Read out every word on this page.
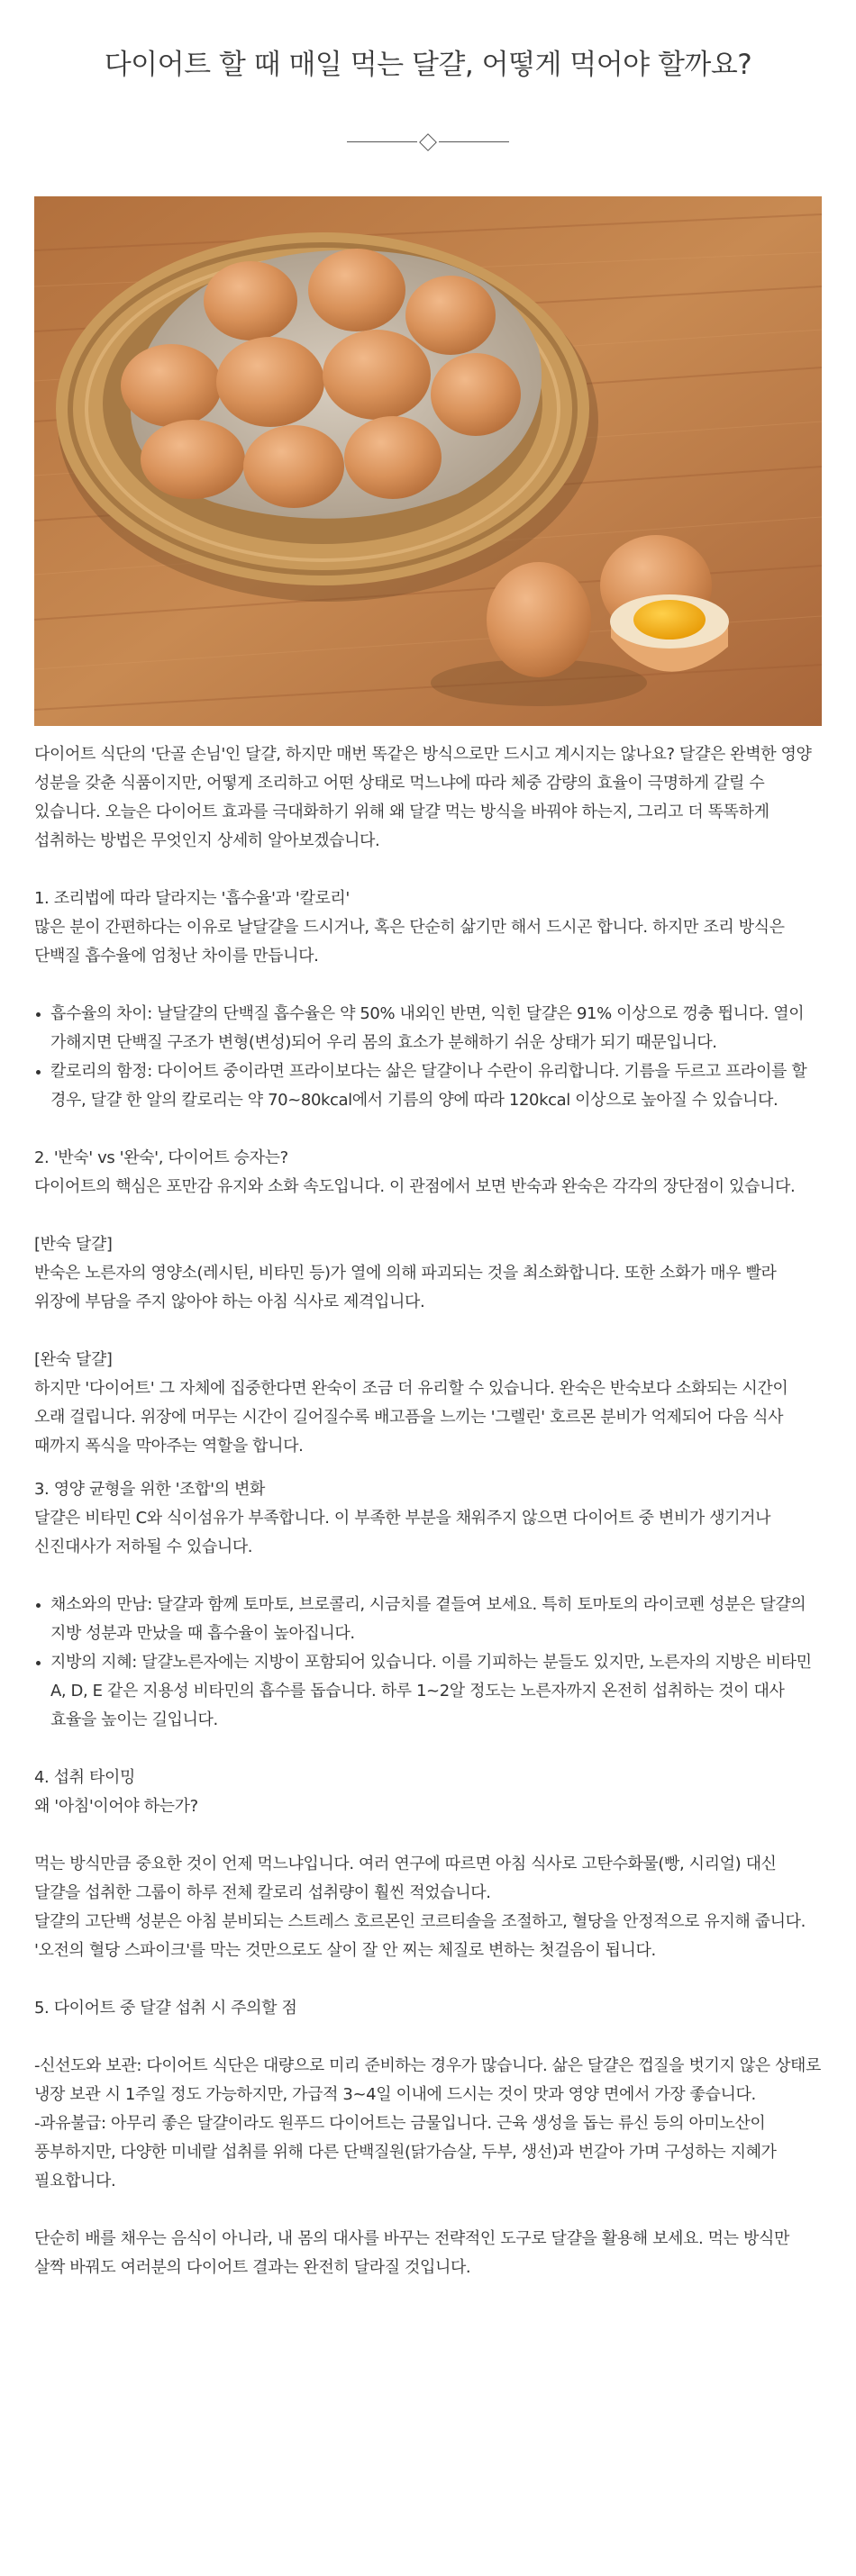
다이어트 할 때 매일 먹는 달걀, 어떻게 먹어야 할까요?

다이어트 식단의 '단골 손님'인 달걀, 하지만 매번 똑같은 방식으로만 드시고 계시지는 않나요? 달걀은 완벽한 영양 성분을 갖춘 식품이지만, 어떻게 조리하고 어떤 상태로 먹느냐에 따라 체중 감량의 효율이 극명하게 갈릴 수 있습니다. 오늘은 다이어트 효과를 극대화하기 위해 왜 달걀 먹는 방식을 바꿔야 하는지, 그리고 더 똑똑하게 섭취하는 방법은 무엇인지 상세히 알아보겠습니다.

1. 조리법에 따라 달라지는 '흡수율'과 '칼로리'

많은 분이 간편하다는 이유로 날달걀을 드시거나, 혹은 단순히 삶기만 해서 드시곤 합니다. 하지만 조리 방식은 단백질 흡수율에 엄청난 차이를 만듭니다.

흡수율의 차이: 날달걀의 단백질 흡수율은 약 50% 내외인 반면, 익힌 달걀은 91% 이상으로 껑충 뜁니다. 열이 가해지면 단백질 구조가 변형(변성)되어 우리 몸의 효소가 분해하기 쉬운 상태가 되기 때문입니다.
칼로리의 함정: 다이어트 중이라면 프라이보다는 삶은 달걀이나 수란이 유리합니다. 기름을 두르고 프라이를 할 경우, 달걀 한 알의 칼로리는 약 70~80kcal에서 기름의 양에 따라 120kcal 이상으로 높아질 수 있습니다.

2. '반숙' vs '완숙', 다이어트 승자는?

다이어트의 핵심은 포만감 유지와 소화 속도입니다. 이 관점에서 보면 반숙과 완숙은 각각의 장단점이 있습니다.

[반숙 달걀]

반숙은 노른자의 영양소(레시틴, 비타민 등)가 열에 의해 파괴되는 것을 최소화합니다. 또한 소화가 매우 빨라 위장에 부담을 주지 않아야 하는 아침 식사로 제격입니다.

[완숙 달걀]

하지만 '다이어트' 그 자체에 집중한다면 완숙이 조금 더 유리할 수 있습니다. 완숙은 반숙보다 소화되는 시간이 오래 걸립니다. 위장에 머무는 시간이 길어질수록 배고픔을 느끼는 '그렐린' 호르몬 분비가 억제되어 다음 식사 때까지 폭식을 막아주는 역할을 합니다.

3. 영양 균형을 위한 '조합'의 변화

달걀은 비타민 C와 식이섬유가 부족합니다. 이 부족한 부분을 채워주지 않으면 다이어트 중 변비가 생기거나 신진대사가 저하될 수 있습니다.

채소와의 만남: 달걀과 함께 토마토, 브로콜리, 시금치를 곁들여 보세요. 특히 토마토의 라이코펜 성분은 달걀의 지방 성분과 만났을 때 흡수율이 높아집니다.
지방의 지혜: 달걀노른자에는 지방이 포함되어 있습니다. 이를 기피하는 분들도 있지만, 노른자의 지방은 비타민 A, D, E 같은 지용성 비타민의 흡수를 돕습니다. 하루 1~2알 정도는 노른자까지 온전히 섭취하는 것이 대사 효율을 높이는 길입니다.

4. 섭취 타이밍

왜 '아침'이어야 하는가?

먹는 방식만큼 중요한 것이 언제 먹느냐입니다. 여러 연구에 따르면 아침 식사로 고탄수화물(빵, 시리얼) 대신 달걀을 섭취한 그룹이 하루 전체 칼로리 섭취량이 훨씬 적었습니다.

달걀의 고단백 성분은 아침 분비되는 스트레스 호르몬인 코르티솔을 조절하고, 혈당을 안정적으로 유지해 줍니다. '오전의 혈당 스파이크'를 막는 것만으로도 살이 잘 안 찌는 체질로 변하는 첫걸음이 됩니다.

5. 다이어트 중 달걀 섭취 시 주의할 점

-신선도와 보관: 다이어트 식단은 대량으로 미리 준비하는 경우가 많습니다. 삶은 달걀은 껍질을 벗기지 않은 상태로 냉장 보관 시 1주일 정도 가능하지만, 가급적 3~4일 이내에 드시는 것이 맛과 영양 면에서 가장 좋습니다.

-과유불급: 아무리 좋은 달걀이라도 원푸드 다이어트는 금물입니다. 근육 생성을 돕는 류신 등의 아미노산이 풍부하지만, 다양한 미네랄 섭취를 위해 다른 단백질원(닭가슴살, 두부, 생선)과 번갈아 가며 구성하는 지혜가 필요합니다.

단순히 배를 채우는 음식이 아니라, 내 몸의 대사를 바꾸는 전략적인 도구로 달걀을 활용해 보세요. 먹는 방식만 살짝 바꿔도 여러분의 다이어트 결과는 완전히 달라질 것입니다.
